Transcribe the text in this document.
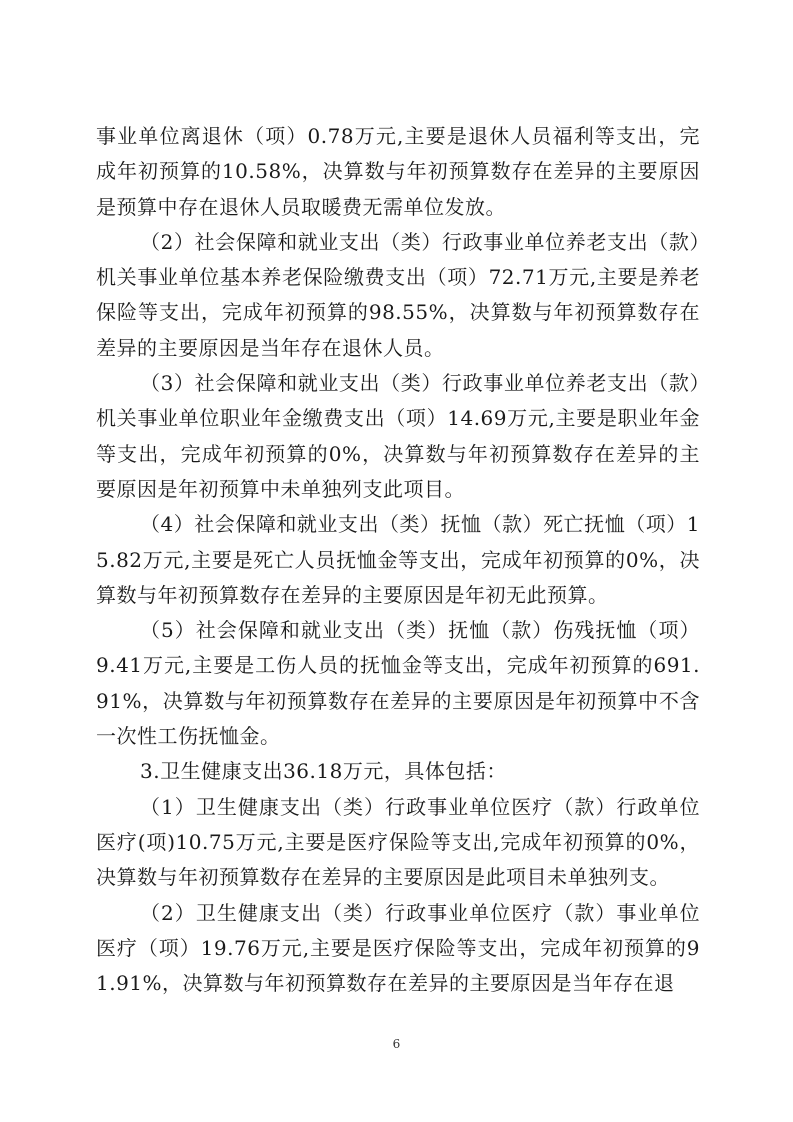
事业单位离退休（项）0.78万元,主要是退休人员福利等支出，完成年初预算的10.58%，决算数与年初预算数存在差异的主要原因是预算中存在退休人员取暖费无需单位发放。

（2）社会保障和就业支出（类）行政事业单位养老支出（款）机关事业单位基本养老保险缴费支出（项）72.71万元,主要是养老保险等支出，完成年初预算的98.55%，决算数与年初预算数存在差异的主要原因是当年存在退休人员。

（3）社会保障和就业支出（类）行政事业单位养老支出（款）机关事业单位职业年金缴费支出（项）14.69万元,主要是职业年金等支出，完成年初预算的0%，决算数与年初预算数存在差异的主要原因是年初预算中未单独列支此项目。

（4）社会保障和就业支出（类）抚恤（款）死亡抚恤（项）15.82万元,主要是死亡人员抚恤金等支出，完成年初预算的0%，决算数与年初预算数存在差异的主要原因是年初无此预算。

（5）社会保障和就业支出（类）抚恤（款）伤残抚恤（项）9.41万元,主要是工伤人员的抚恤金等支出，完成年初预算的691.91%，决算数与年初预算数存在差异的主要原因是年初预算中不含一次性工伤抚恤金。

3.卫生健康支出36.18万元，具体包括：

（1）卫生健康支出（类）行政事业单位医疗（款）行政单位医疗(项)10.75万元,主要是医疗保险等支出,完成年初预算的0%，决算数与年初预算数存在差异的主要原因是此项目未单独列支。

（2）卫生健康支出（类）行政事业单位医疗（款）事业单位医疗（项）19.76万元,主要是医疗保险等支出，完成年初预算的91.91%，决算数与年初预算数存在差异的主要原因是当年存在退

6
